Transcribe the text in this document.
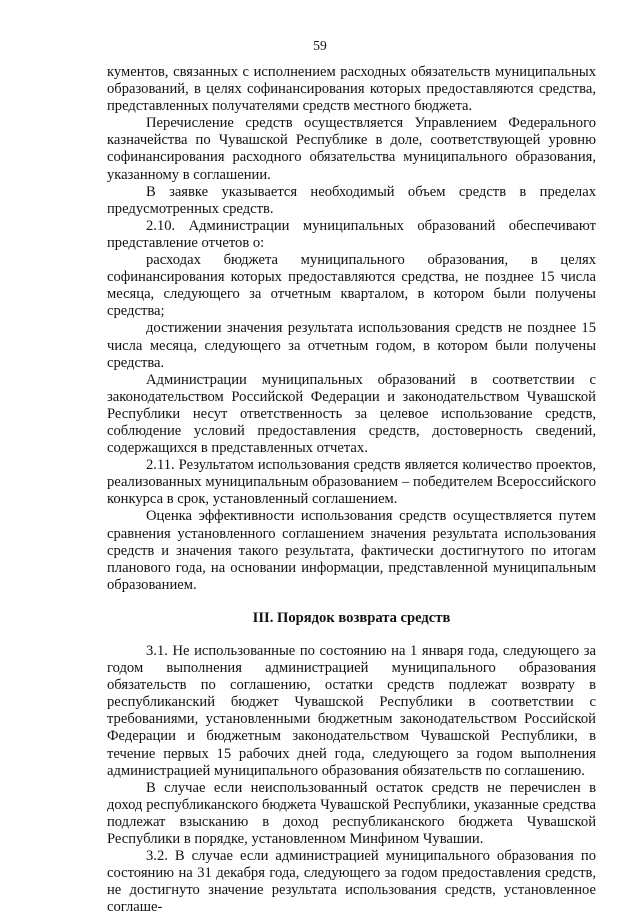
59

кументов, связанных с исполнением расходных обязательств муниципальных образований, в целях софинансирования которых предоставляются средства, представленных получателями средств местного бюджета.

Перечисление средств осуществляется Управлением Федерального казначейства по Чувашской Республике в доле, соответствующей уровню софинансирования расходного обязательства муниципального образования, указанному в соглашении.

В заявке указывается необходимый объем средств в пределах предусмотренных средств.

2.10. Администрации муниципальных образований обеспечивают представление отчетов о:

расходах бюджета муниципального образования, в целях софинансирования которых предоставляются средства, не позднее 15 числа месяца, следующего за отчетным кварталом, в котором были получены средства;

достижении значения результата использования средств не позднее 15 числа месяца, следующего за отчетным годом, в котором были получены средства.

Администрации муниципальных образований в соответствии с законодательством Российской Федерации и законодательством Чувашской Республики несут ответственность за целевое использование средств, соблюдение условий предоставления средств, достоверность сведений, содержащихся в представленных отчетах.

2.11. Результатом использования средств является количество проектов, реализованных муниципальным образованием – победителем Всероссийского конкурса в срок, установленный соглашением.

Оценка эффективности использования средств осуществляется путем сравнения установленного соглашением значения результата использования средств и значения такого результата, фактически достигнутого по итогам планового года, на основании информации, представленной муниципальным образованием.

III. Порядок возврата средств

3.1. Не использованные по состоянию на 1 января года, следующего за годом выполнения администрацией муниципального образования обязательств по соглашению, остатки средств подлежат возврату в республиканский бюджет Чувашской Республики в соответствии с требованиями, установленными бюджетным законодательством Российской Федерации и бюджетным законодательством Чувашской Республики, в течение первых 15 рабочих дней года, следующего за годом выполнения администрацией муниципального образования обязательств по соглашению.

В случае если неиспользованный остаток средств не перечислен в доход республиканского бюджета Чувашской Республики, указанные средства подлежат взысканию в доход республиканского бюджета Чувашской Республики в порядке, установленном Минфином Чувашии.

3.2. В случае если администрацией муниципального образования по состоянию на 31 декабря года, следующего за годом предоставления средств, не достигнуто значение результата использования средств, установленное соглаше-
